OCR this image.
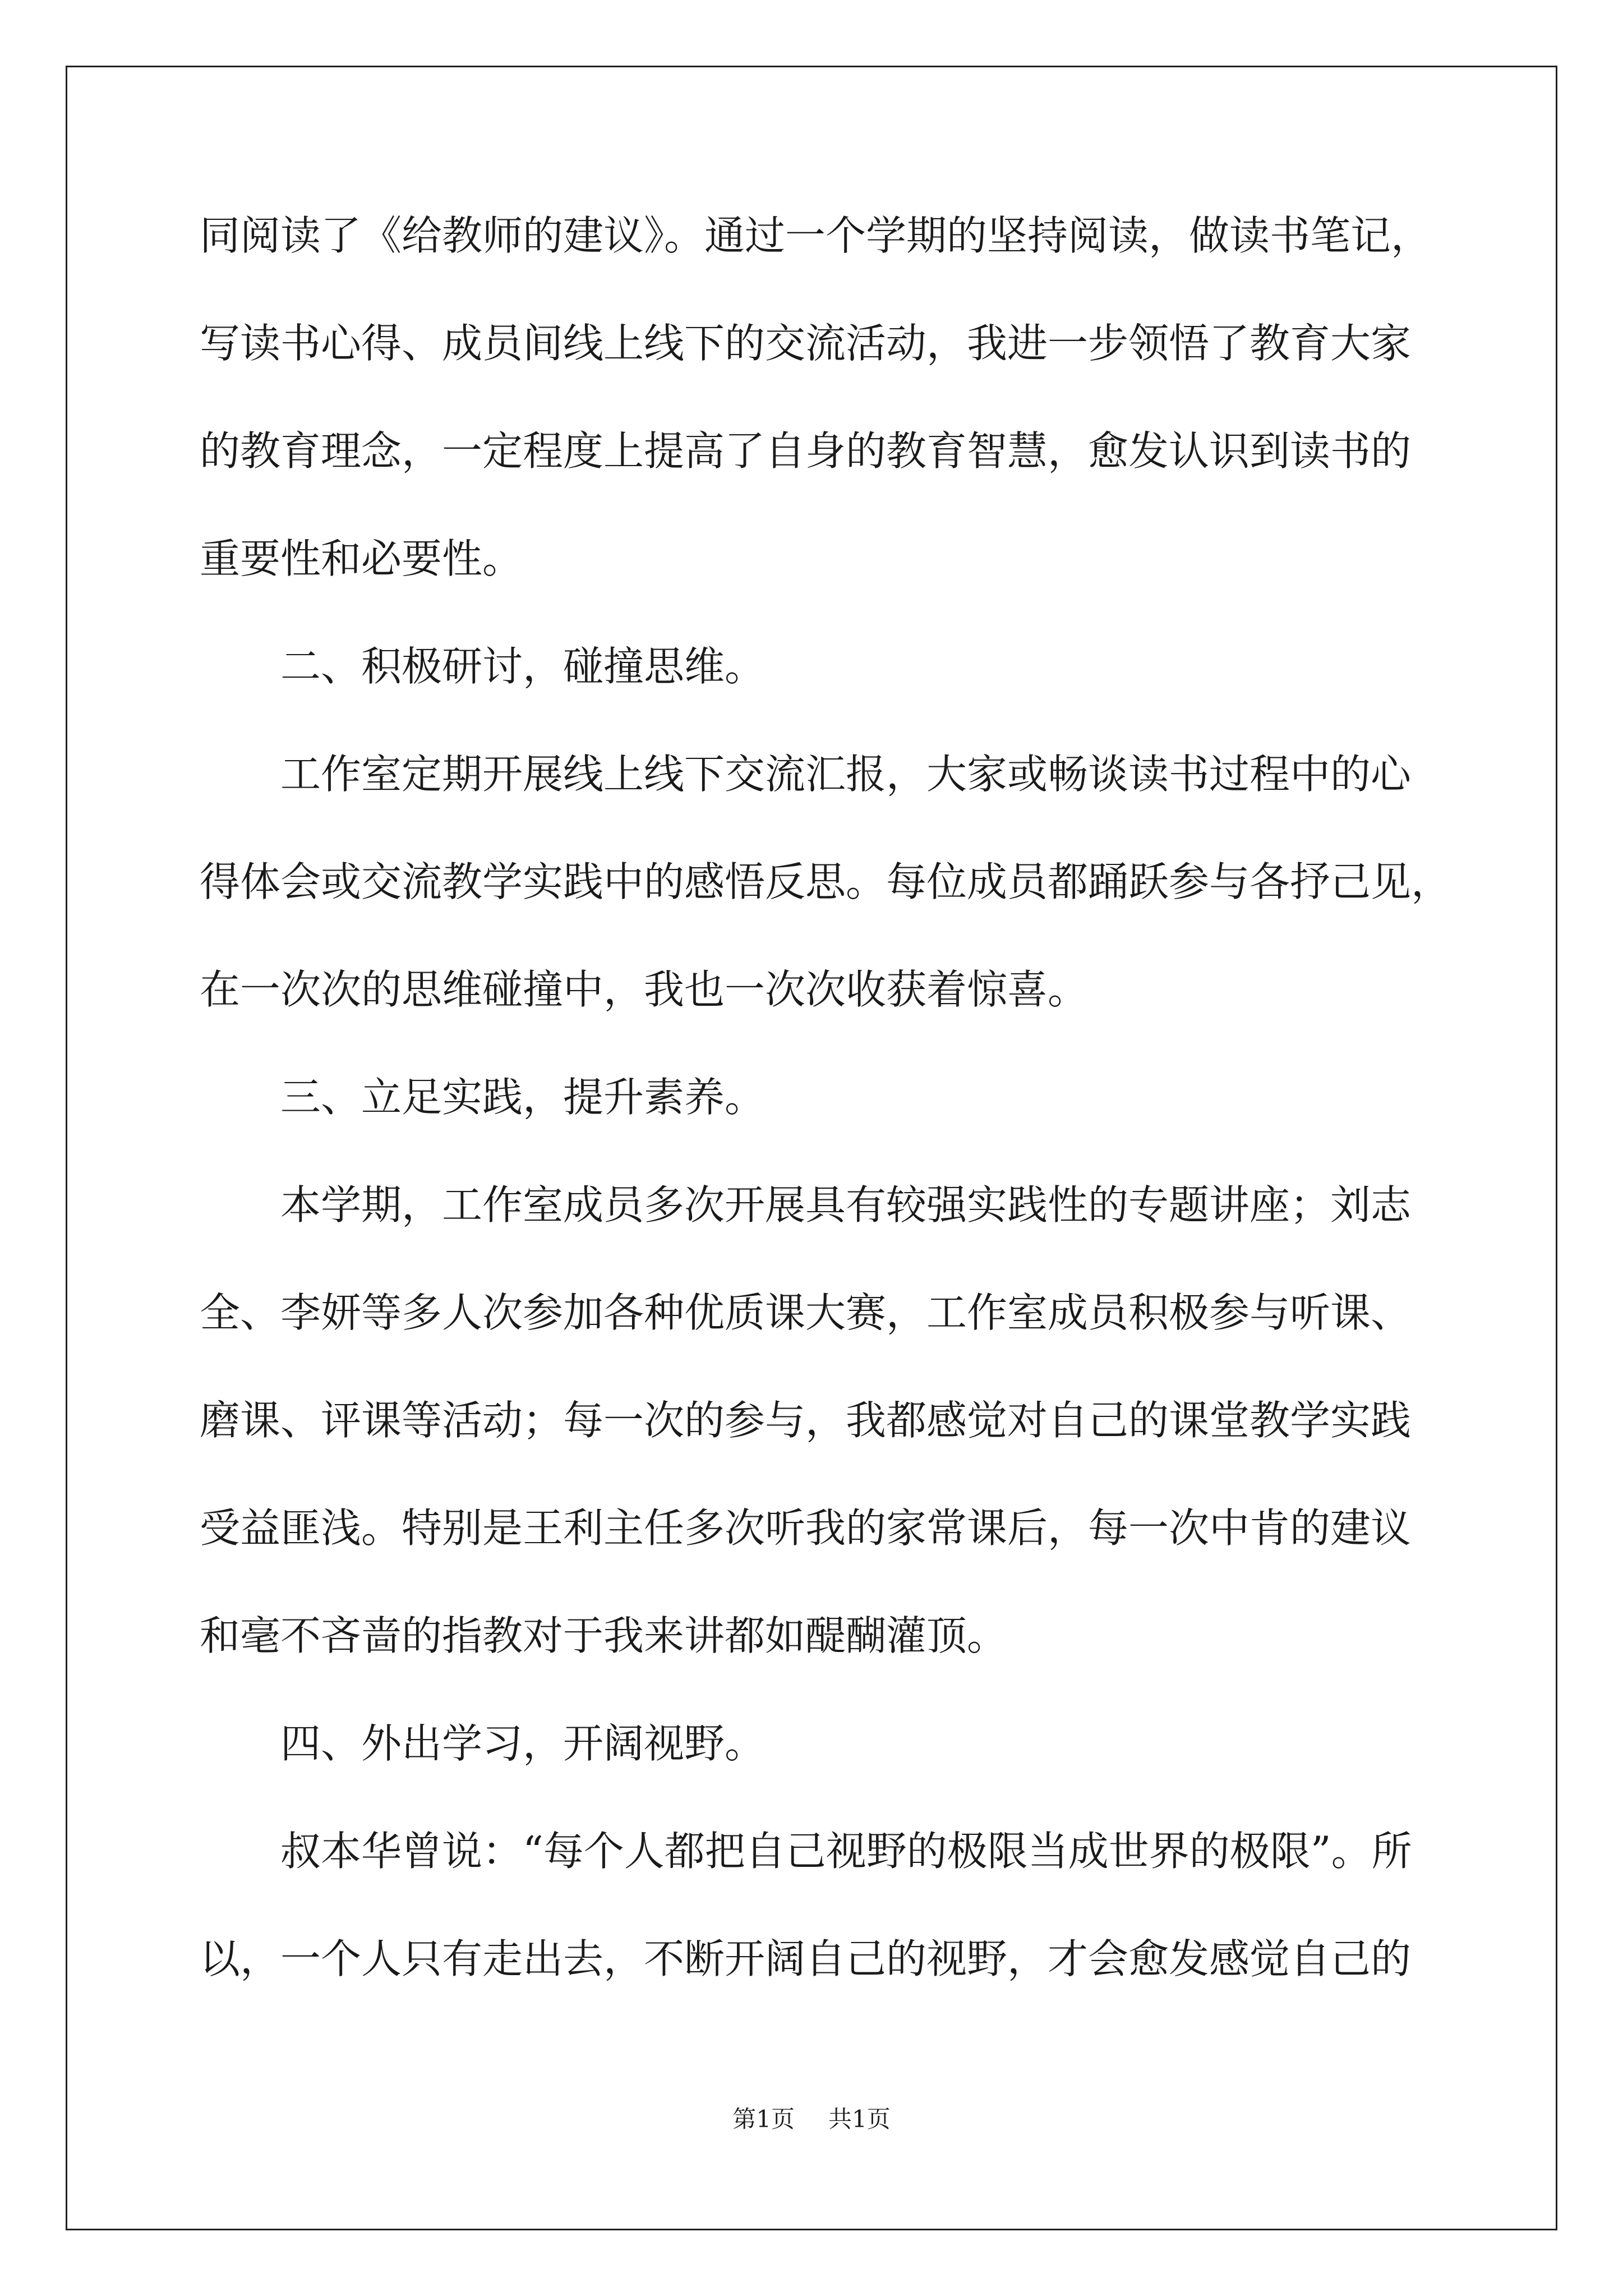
同阅读了《给教师的建议》。通过一个学期的坚持阅读，做读书笔记，
写读书心得、成员间线上线下的交流活动，我进一步领悟了教育大家
的教育理念，一定程度上提高了自身的教育智慧，愈发认识到读书的
重要性和必要性。
二、积极研讨，碰撞思维。
工作室定期开展线上线下交流汇报，大家或畅谈读书过程中的心
得体会或交流教学实践中的感悟反思。每位成员都踊跃参与各抒己见，
在一次次的思维碰撞中，我也一次次收获着惊喜。
三、立足实践，提升素养。
本学期，工作室成员多次开展具有较强实践性的专题讲座；刘志
全、李妍等多人次参加各种优质课大赛，工作室成员积极参与听课、
磨课、评课等活动；每一次的参与，我都感觉对自己的课堂教学实践
受益匪浅。特别是王利主任多次听我的家常课后，每一次中肯的建议
和毫不吝啬的指教对于我来讲都如醍醐灌顶。
四、外出学习，开阔视野。
叔本华曾说：“每个人都把自己视野的极限当成世界的极限”。所
以，一个人只有走出去，不断开阔自己的视野，才会愈发感觉自己的
第1页 共1页
